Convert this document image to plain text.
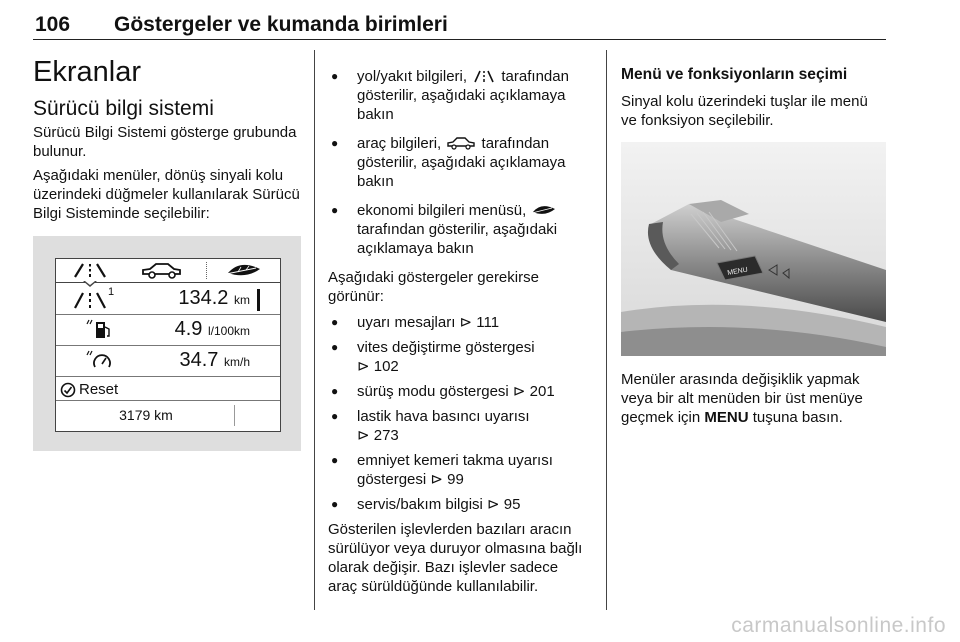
106 Göstergeler ve kumanda birimleri
Ekranlar
Sürücü bilgi sistemi

Sürücü Bilgi Sistemi gösterge grubunda bulunur.

Aşağıdaki menüler, dönüş sinyali kolu üzerindeki düğmeler kullanılarak Sürücü Bilgi Sisteminde seçilebilir:

1	134.2 km
4.9 l/100km
34.7 km/h
Reset
3179 km
● yol/yakıt bilgileri, tarafından gösterilir, aşağıdaki açıklamaya bakın
● araç bilgileri,	tarafından gösterilir, aşağıdaki açıklamaya bakın
● ekonomi bilgileri menüsü,  tarafından gösterilir, aşağıdaki açıklamaya bakın

Aşağıdaki göstergeler gerekirse görünür:

● uyarı mesajları ⊳ 111
● vites değiştirme göstergesi
⊳ 102
● sürüş modu göstergesi ⊳ 201
● lastik hava basıncı uyarısı
⊳ 273
● emniyet kemeri takma uyarısı göstergesi ⊳ 99
● servis/bakım bilgisi ⊳ 95

Gösterilen işlevlerden bazıları aracın sürülüyor veya duruyor olmasına bağlı olarak değişir. Bazı işlevler sadece araç sürüldüğünde kullanılabilir.

Menü ve fonksiyonların seçimi

Sinyal kolu üzerindeki tuşlar ile menü ve fonksiyon seçilebilir.

MENU

Menüler arasında değişiklik yapmak veya bir alt menüden bir üst menüye geçmek için MENU tuşuna basın.

carmanualsonline.info
